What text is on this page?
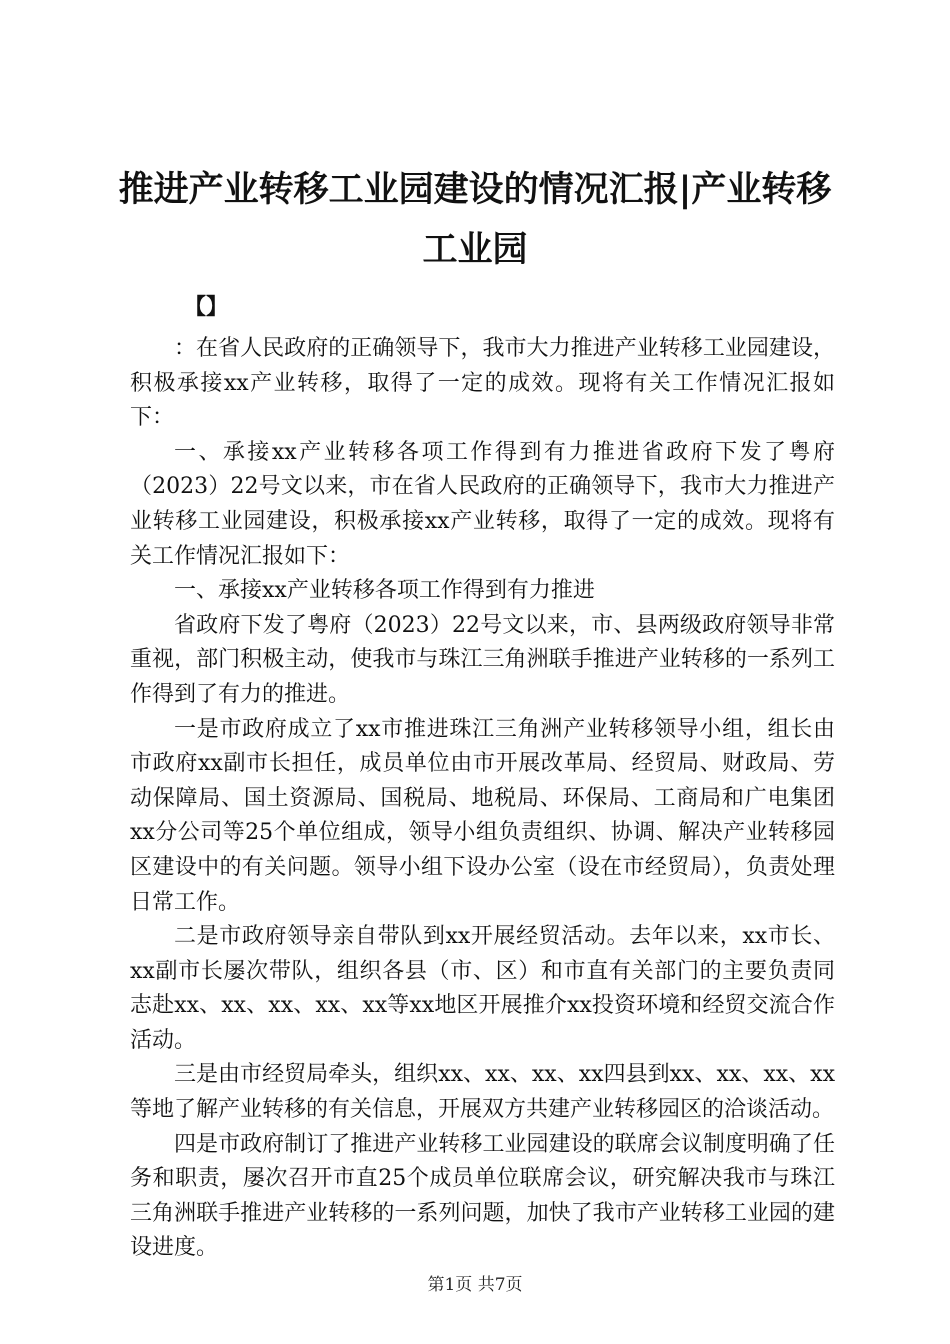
推进产业转移工业园建设的情况汇报|产业转移工业园
【】

：在省人民政府的正确领导下，我市大力推进产业转移工业园建设，积极承接xx产业转移，取得了一定的成效。现将有关工作情况汇报如下：

一、承接xx产业转移各项工作得到有力推进省政府下发了粤府（2023）22号文以来，市在省人民政府的正确领导下，我市大力推进产业转移工业园建设，积极承接xx产业转移，取得了一定的成效。现将有关工作情况汇报如下：

一、承接xx产业转移各项工作得到有力推进

省政府下发了粤府（2023）22号文以来，市、县两级政府领导非常重视，部门积极主动，使我市与珠江三角洲联手推进产业转移的一系列工作得到了有力的推进。

一是市政府成立了xx市推进珠江三角洲产业转移领导小组，组长由市政府xx副市长担任，成员单位由市开展改革局、经贸局、财政局、劳动保障局、国土资源局、国税局、地税局、环保局、工商局和广电集团xx分公司等25个单位组成，领导小组负责组织、协调、解决产业转移园区建设中的有关问题。领导小组下设办公室（设在市经贸局），负责处理日常工作。

二是市政府领导亲自带队到xx开展经贸活动。去年以来，xx市长、xx副市长屡次带队，组织各县（市、区）和市直有关部门的主要负责同志赴xx、xx、xx、xx、xx等xx地区开展推介xx投资环境和经贸交流合作活动。

三是由市经贸局牵头，组织xx、xx、xx、xx四县到xx、xx、xx、xx等地了解产业转移的有关信息，开展双方共建产业转移园区的洽谈活动。

四是市政府制订了推进产业转移工业园建设的联席会议制度明确了任务和职责，屡次召开市直25个成员单位联席会议，研究解决我市与珠江三角洲联手推进产业转移的一系列问题，加快了我市产业转移工业园的建设进度。

第1页 共7页
